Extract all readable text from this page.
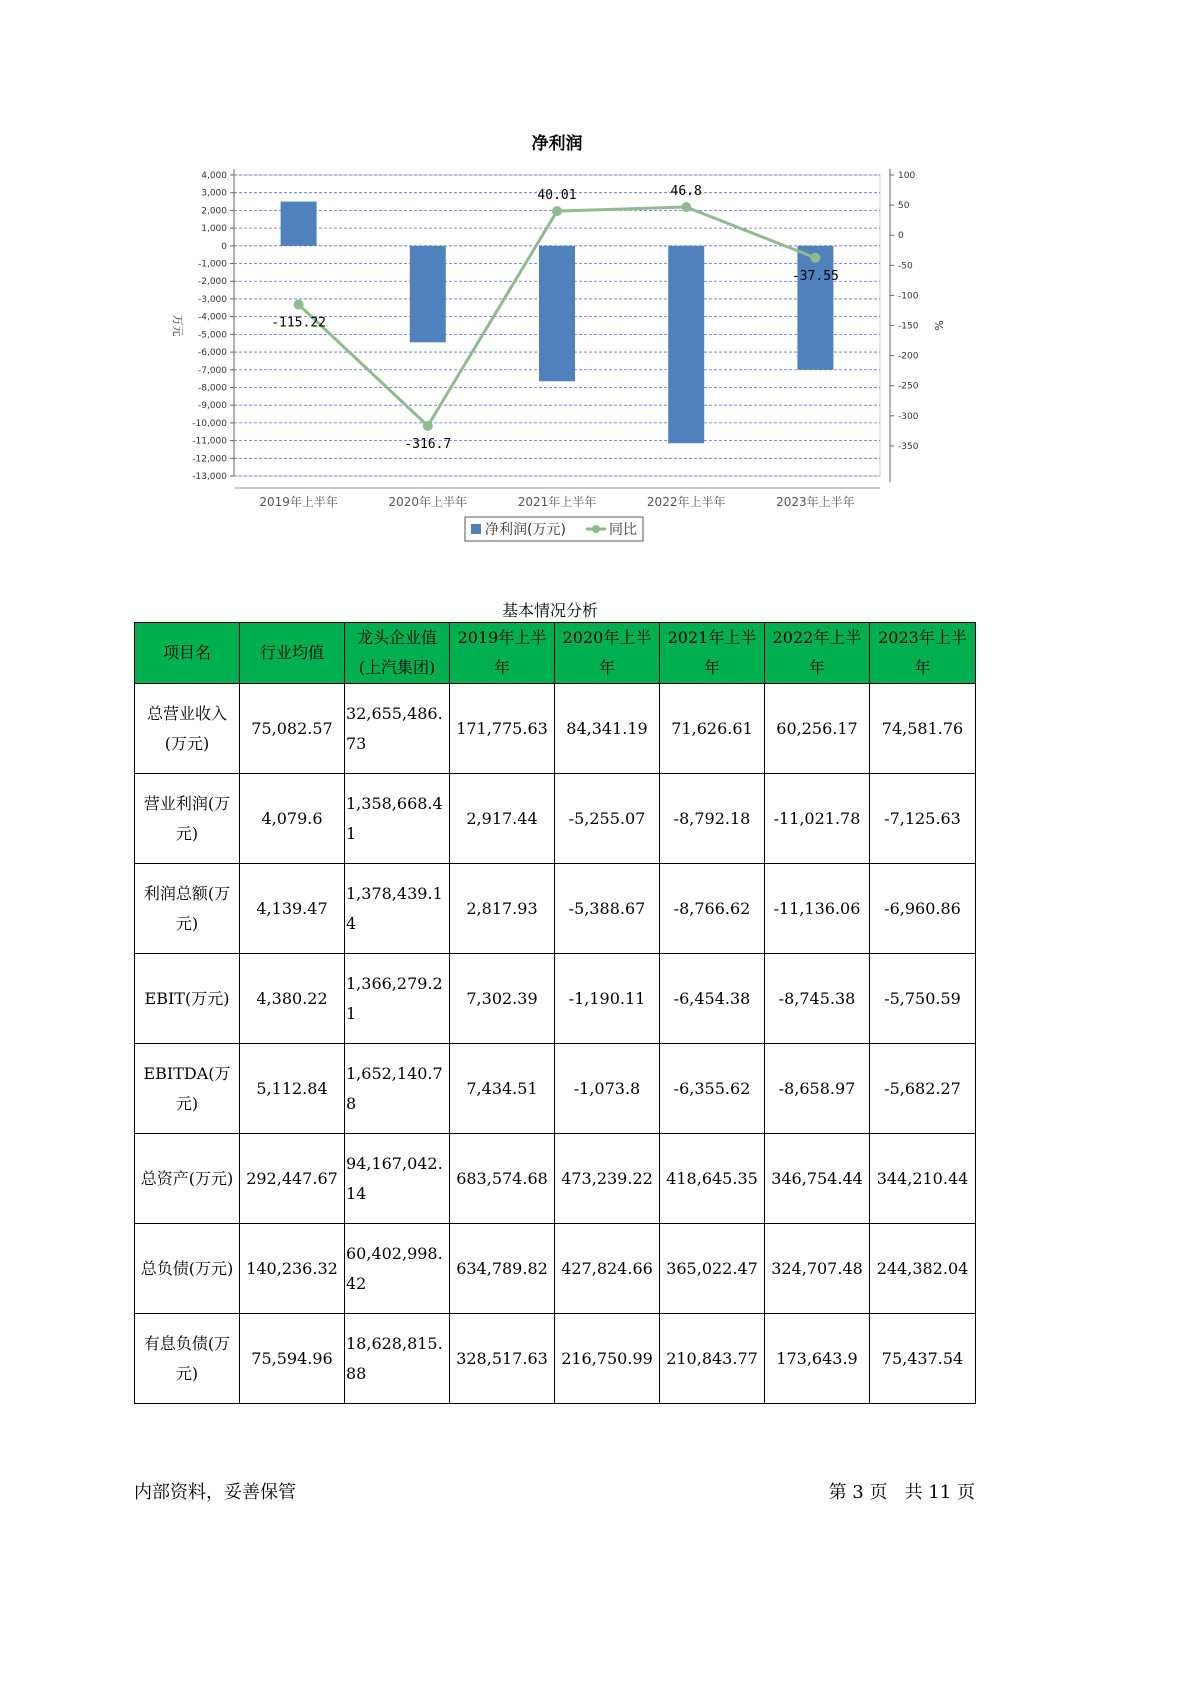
4,000
3,000
2,000
1,000
0
-1,000
-2,000
-3,000
-4,000
-5,000
-6,000
-7,000
-8,000
-9,000
-10,000
-11,000
-12,000
-13,000
100
50
0
-50
-100
-150
-200
-250
-300
-350
2019年上半年	2020年上半年	2021年上半年	2022年上半年	2023年上半年
万元	%
净利润
-115.22
-316.7
40.01	46.8
-37.55
净利润(万元)	同比
基本情况分析
项目名	行业均值	龙头企业值(上汽集团)	2019年上半年	2020年上半年	2021年上半年	2022年上半年	2023年上半年
总营业收入(万元)	75,082.57	32,655,486.73	171,775.63	84,341.19	71,626.61	60,256.17	74,581.76
营业利润(万元)	4,079.6	1,358,668.41	2,917.44	-5,255.07	-8,792.18	-11,021.78	-7,125.63
利润总额(万元)	4,139.47	1,378,439.14	2,817.93	-5,388.67	-8,766.62	-11,136.06	-6,960.86
EBIT(万元)	4,380.22	1,366,279.21	7,302.39	-1,190.11	-6,454.38	-8,745.38	-5,750.59
EBITDA(万元)	5,112.84	1,652,140.78	7,434.51	-1,073.8	-6,355.62	-8,658.97	-5,682.27
总资产(万元)	292,447.67	94,167,042.14	683,574.68	473,239.22	418,645.35	346,754.44	344,210.44
总负债(万元)	140,236.32	60,402,998.42	634,789.82	427,824.66	365,022.47	324,707.48	244,382.04
有息负债(万元)	75,594.96	18,628,815.88	328,517.63	216,750.99	210,843.77	173,643.9	75,437.54
内部资料，妥善保管	第 3 页   共 11 页
